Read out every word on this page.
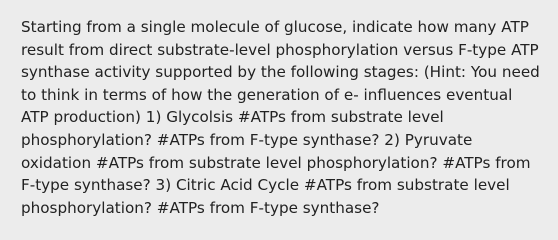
Starting from a single molecule of glucose, indicate how many ATP result from direct substrate-level phosphorylation versus F-type ATP synthase activity supported by the following stages: (Hint: You need to think in terms of how the generation of e- influences eventual ATP production) 1) Glycolsis #ATPs from substrate level phosphorylation? #ATPs from F-type synthase? 2) Pyruvate oxidation #ATPs from substrate level phosphorylation? #ATPs from F-type synthase? 3) Citric Acid Cycle #ATPs from substrate level phosphorylation? #ATPs from F-type synthase?
